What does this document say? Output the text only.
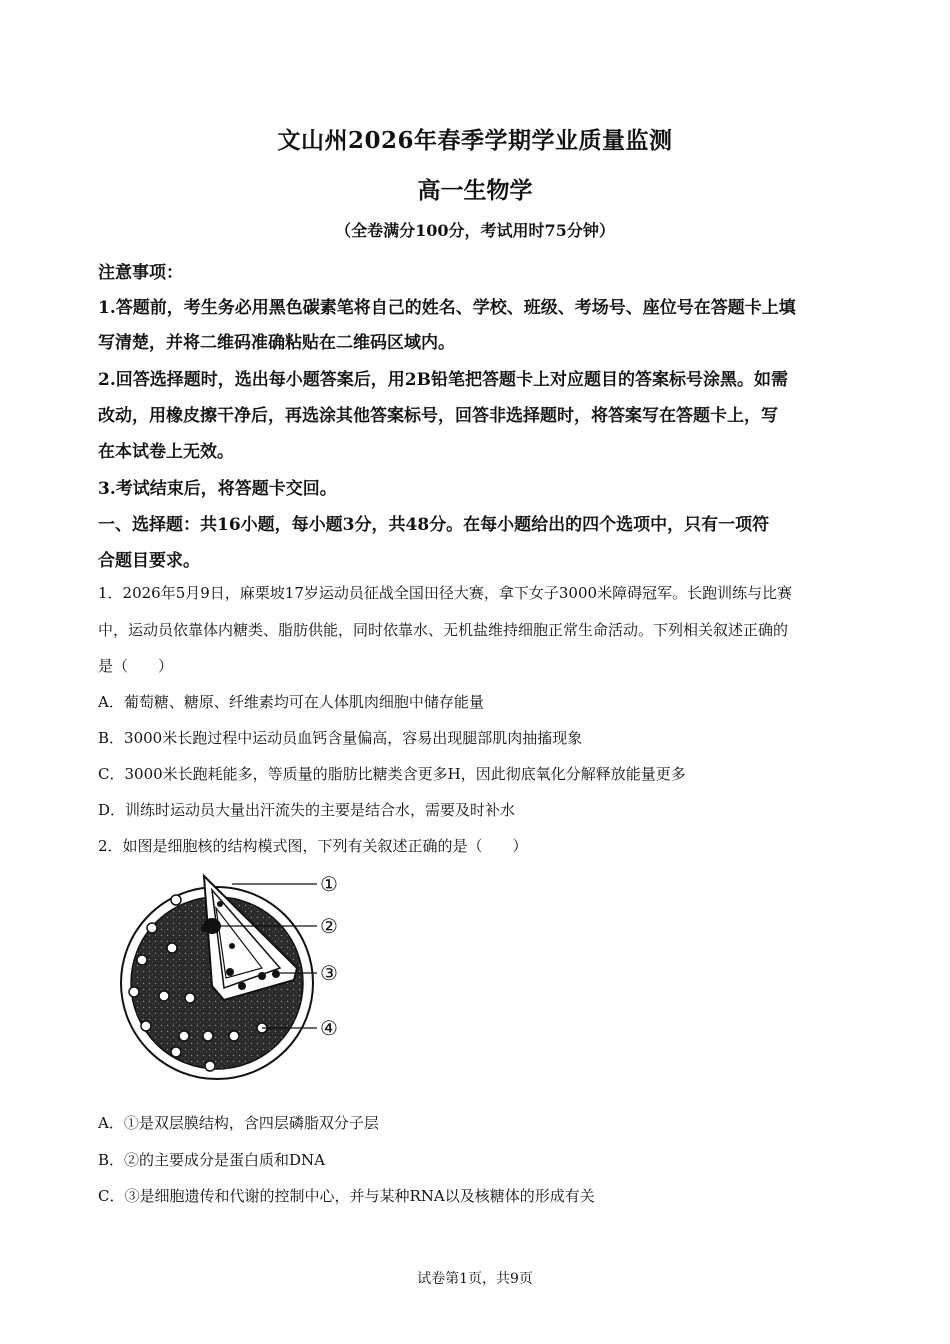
文山州2026年春季学期学业质量监测
高一生物学
（全卷满分100分，考试用时75分钟）
注意事项：
1.答题前，考生务必用黑色碳素笔将自己的姓名、学校、班级、考场号、座位号在答题卡上填
写清楚，并将二维码准确粘贴在二维码区域内。
2.回答选择题时，选出每小题答案后，用2B铅笔把答题卡上对应题目的答案标号涂黑。如需
改动，用橡皮擦干净后，再选涂其他答案标号，回答非选择题时，将答案写在答题卡上，写
在本试卷上无效。
3.考试结束后，将答题卡交回。
一、选择题：共16小题，每小题3分，共48分。在每小题给出的四个选项中，只有一项符
合题目要求。
1．2026年5月9日，麻栗坡17岁运动员征战全国田径大赛，拿下女子3000米障碍冠军。长跑训练与比赛
中，运动员依靠体内糖类、脂肪供能，同时依靠水、无机盐维持细胞正常生命活动。下列相关叙述正确的
是（　　）
A．葡萄糖、糖原、纤维素均可在人体肌肉细胞中储存能量
B．3000米长跑过程中运动员血钙含量偏高，容易出现腿部肌肉抽搐现象
C．3000米长跑耗能多，等质量的脂肪比糖类含更多H，因此彻底氧化分解释放能量更多
D．训练时运动员大量出汗流失的主要是结合水，需要及时补水
2．如图是细胞核的结构模式图，下列有关叙述正确的是（　　）
①
②
③
④
A．①是双层膜结构，含四层磷脂双分子层
B．②的主要成分是蛋白质和DNA
C．③是细胞遗传和代谢的控制中心，并与某种RNA以及核糖体的形成有关
试卷第1页，共9页
